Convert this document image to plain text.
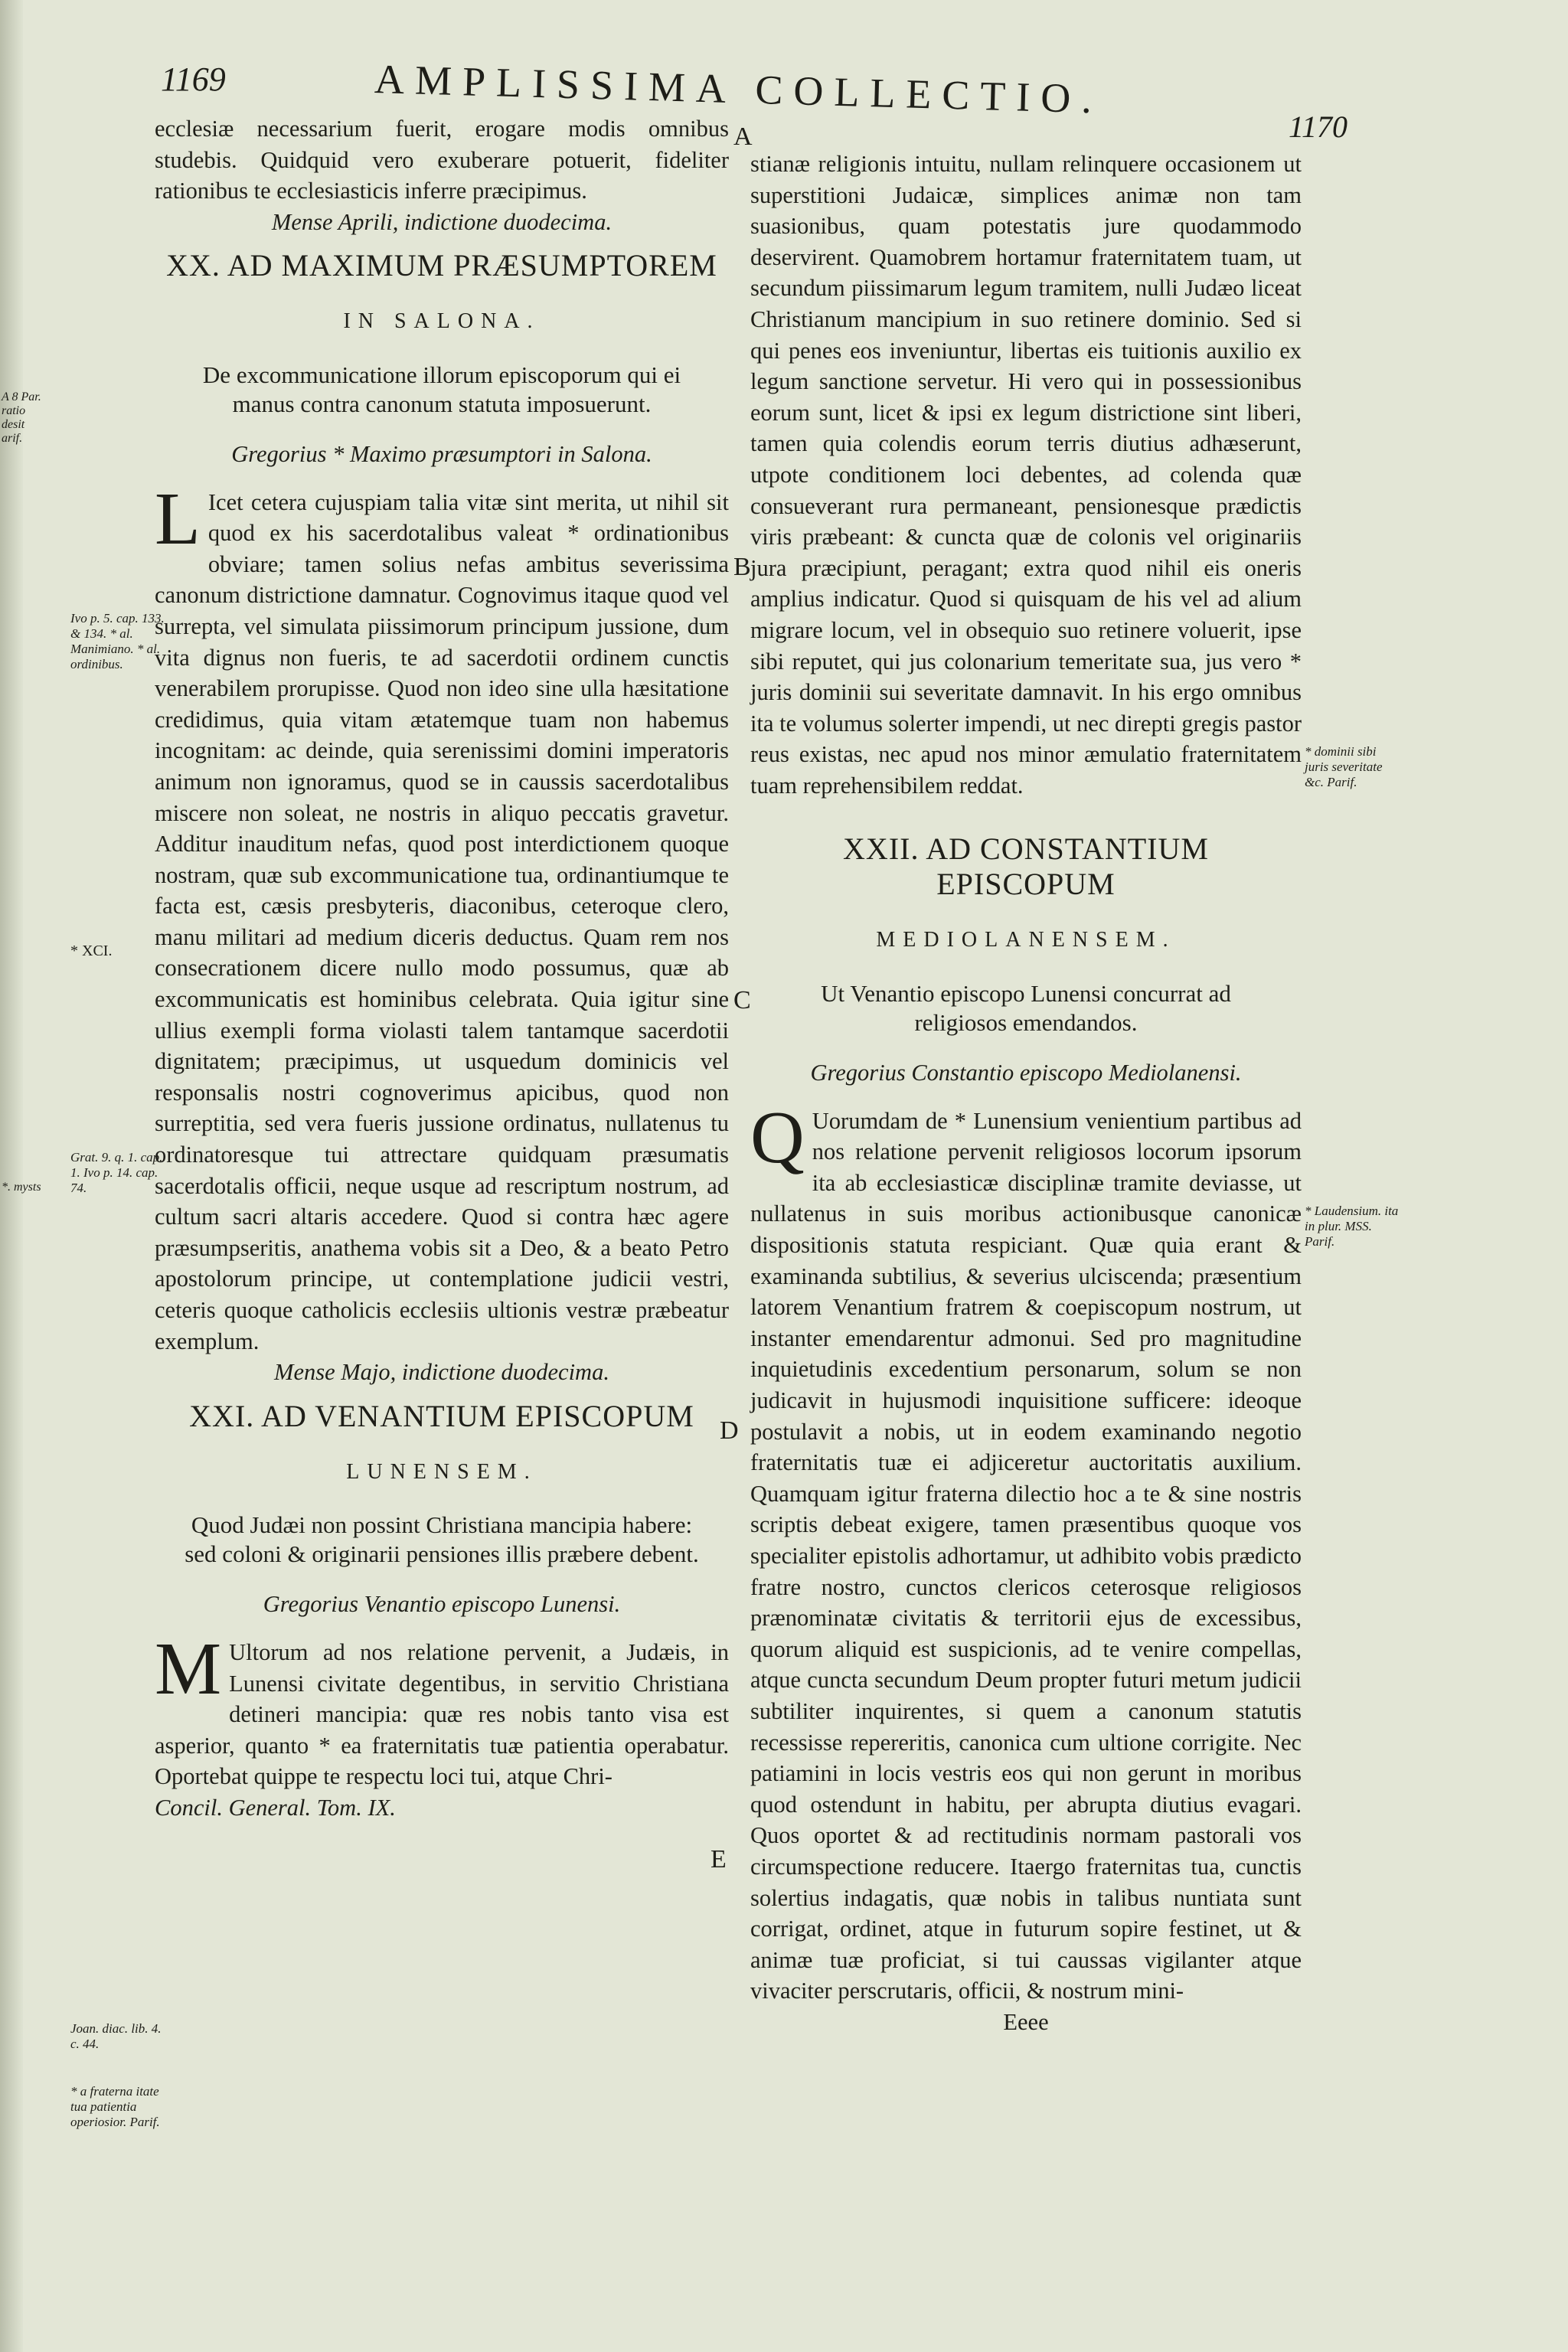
1169	AMPLISSIMA COLLECTIO.
1170
A
B
C
D
E

ecclesiæ necessarium fuerit, erogare modis omnibus studebis. Quidquid vero exuberare potuerit, fideliter rationibus te ecclesiasticis inferre præcipimus.

Mense Aprili, indictione duodecima.

XX. AD MAXIMUM PRÆSUMPTOREM
IN SALONA.
De excommunicatione illorum episcoporum qui ei manus contra canonum statuta imposuerunt.
Gregorius * Maximo præsumptori in Salona.

L Icet cetera cujuspiam talia vitæ sint merita, ut nihil sit quod ex his sacerdotalibus valeat * ordinationibus obviare; tamen solius nefas ambitus severissima canonum districtione damnatur. Cognovimus itaque quod vel surrepta, vel simulata piissimorum principum jussione, dum vita dignus non fueris, te ad sacerdotii ordinem cunctis venerabilem prorupisse. Quod non ideo sine ulla hæsitatione credidimus, quia vitam ætatemque tuam non habemus incognitam: ac deinde, quia serenissimi domini imperatoris animum non ignoramus, quod se in caussis sacerdotalibus miscere non soleat, ne nostris in aliquo peccatis gravetur. Additur inauditum nefas, quod post interdictionem quoque nostram, quæ sub excommunicatione tua, ordinantiumque te facta est, cæsis presbyteris, diaconibus, ceteroque clero, manu militari ad medium diceris deductus. Quam rem nos consecrationem dicere nullo modo possumus, quæ ab excommunicatis est hominibus celebrata. Quia igitur sine ullius exempli forma violasti talem tantamque sacerdotii dignitatem; præcipimus, ut usquedum dominicis vel responsalis nostri cognoverimus apicibus, quod non surreptitia, sed vera fueris jussione ordinatus, nullatenus tu ordinatoresque tui attrectare quidquam præsumatis sacerdotalis officii, neque usque ad rescriptum nostrum, ad cultum sacri altaris accedere. Quod si contra hæc agere præsumpseritis, anathema vobis sit a Deo, & a beato Petro apostolorum principe, ut contemplatione judicii vestri, ceteris quoque catholicis ecclesiis ultionis vestræ præbeatur exemplum.

Mense Majo, indictione duodecima.

XXI. AD VENANTIUM EPISCOPUM
LUNENSEM.
Quod Judæi non possint Christiana mancipia habere: sed coloni & originarii pensiones illis præbere debent.
Gregorius Venantio episcopo Lunensi.

M Ultorum ad nos relatione pervenit, a Judæis, in Lunensi civitate degentibus, in servitio Christiana detineri mancipia: quæ res nobis tanto visa est asperior, quanto * ea fraternitatis tuæ patientia operabatur. Oportebat quippe te respectu loci tui, atque Chri-

Concil. General. Tom. IX.

stianæ religionis intuitu, nullam relinquere occasionem ut superstitioni Judaicæ, simplices animæ non tam suasionibus, quam potestatis jure quodammodo deservirent. Quamobrem hortamur fraternitatem tuam, ut secundum piissimarum legum tramitem, nulli Judæo liceat Christianum mancipium in suo retinere dominio. Sed si qui penes eos inveniuntur, libertas eis tuitionis auxilio ex legum sanctione servetur. Hi vero qui in possessionibus eorum sunt, licet & ipsi ex legum districtione sint liberi, tamen quia colendis eorum terris diutius adhæserunt, utpote conditionem loci debentes, ad colenda quæ consueverant rura permaneant, pensionesque prædictis viris præbeant: & cuncta quæ de colonis vel originariis jura præcipiunt, peragant; extra quod nihil eis oneris amplius indicatur. Quod si quisquam de his vel ad alium migrare locum, vel in obsequio suo retinere voluerit, ipse sibi reputet, qui jus colonarium temeritate sua, jus vero * juris dominii sui severitate damnavit. In his ergo omnibus ita te volumus solerter impendi, ut nec direpti gregis pastor reus existas, nec apud nos minor æmulatio fraternitatem tuam reprehensibilem reddat.

XXII. AD CONSTANTIUM EPISCOPUM
MEDIOLANENSEM.
Ut Venantio episcopo Lunensi concurrat ad religiosos emendandos.
Gregorius Constantio episcopo Mediolanensi.

Q Uorumdam de * Lunensium venientium partibus ad nos relatione pervenit religiosos locorum ipsorum ita ab ecclesiasticæ disciplinæ tramite deviasse, ut nullatenus in suis moribus actionibusque canonicæ dispositionis statuta respiciant. Quæ quia erant & examinanda subtilius, & severius ulciscenda; præsentium latorem Venantium fratrem & coepiscopum nostrum, ut instanter emendarentur admonui. Sed pro magnitudine inquietudinis excedentium personarum, solum se non judicavit in hujusmodi inquisitione sufficere: ideoque postulavit a nobis, ut in eodem examinando negotio fraternitatis tuæ ei adjiceretur auctoritatis auxilium. Quamquam igitur fraterna dilectio hoc a te & sine nostris scriptis debeat exigere, tamen præsentibus quoque vos specialiter epistolis adhortamur, ut adhibito vobis prædicto fratre nostro, cunctos clericos ceterosque religiosos prænominatæ civitatis & territorii ejus de excessibus, quorum aliquid est suspicionis, ad te venire compellas, atque cuncta secundum Deum propter futuri metum judicii subtiliter inquirentes, si quem a canonum statutis recessisse repereritis, canonica cum ultione corrigite. Nec patiamini in locis vestris eos qui non gerunt in moribus quod ostendunt in habitu, per abrupta diutius evagari. Quos oportet & ad rectitudinis normam pastorali vos circumspectione reducere. Itaergo fraternitas tua, cunctis solertius indagatis, quæ nobis in talibus nuntiata sunt corrigat, ordinet, atque in futurum sopire festinet, ut & animæ tuæ proficiat, si tui caussas vigilanter atque vivaciter perscrutaris, officii, & nostrum mini-

Eeee

A 8 Par. ratio desit arif.
Ivo p. 5. cap. 133. & 134. * al. Manimiano. * al. ordinibus.
* XCI.
Grat. 9. q. 1. cap. 1. Ivo p. 14. cap. 74.
*. mysts
Joan. diac. lib. 4. c. 44.
* a fraterna itate tua patientia operiosior. Parif.
* dominii sibi juris severitate &c. Parif.
* Laudensium. ita in plur. MSS. Parif.
